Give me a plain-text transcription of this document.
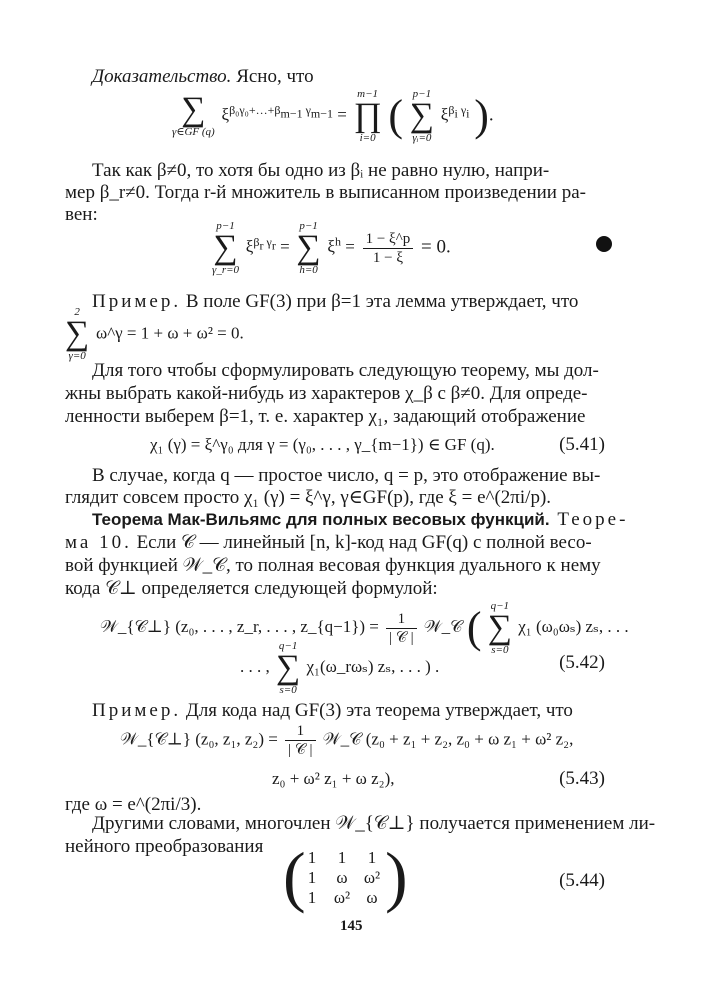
Доказательство. Ясно, что
∑
γ∈GF (q)
$\xi^{\beta_0\gamma_0+\dots+\beta_{m-1} \gamma_{m-1}}$ =
m−1
∏
i=0 ( p−1
∑
γᵢ=0
$\xi^{\beta_i \gamma_i}$ ).
Так как β≠0, то хотя бы одно из βᵢ не равно нулю, напри-
мер β_r≠0. Тогда r-й множитель в выписанном произведении ра-
вен:
p−1
∑
γ_r=0
$\xi^{\beta_r \gamma_r}$ =
p−1
∑
h=0
$\xi^h = \frac{1 - \xi\^{}p}{1 - \xi} = 0$.
Пример. В поле GF(3) при β=1 эта лемма утверждает, что
2
∑
γ=0
ω^γ = 1 + ω + ω² = 0.
Для того чтобы сформулировать следующую теорему, мы дол-
жны выбрать какой-нибудь из характеров χ_β с β≠0. Для опреде-
ленности выберем β=1, т. е. характер χ₁, задающий отображение
χ₁ (γ) = ξ^γ₀ для γ = (γ₀, . . . , γ_{m−1}) ∈ GF (q).	(5.41)
В случае, когда q — простое число, q = p, это отображение вы-
глядит совсем просто χ₁ (γ) = ξ^γ, γ∈GF(p), где ξ = e^(2πi/p).
Теорема Мак-Вильямс для полных весовых функций. Теоре-
ма 10. Если 𝒞 — линейный [n, k]-код над GF(q) с полной весо-
вой функцией 𝒲_𝒞, то полная весовая функция дуального к нему
кода 𝒞⊥ определяется следующей формулой:
𝒲_{𝒞⊥} (z₀, . . . , z_r, . . . , z_{q−1}) = $\frac{1}{\text{| 𝒞 |}}$ 𝒲_𝒞 ( q−1
∑
s=0
χ₁ (ω₀ωₛ) zₛ, . . .
. . . ,
q−1
∑
s=0
χ₁(ω_rωₛ) zₛ, . . . ) .	(5.42)
Пример. Для кода над GF(3) эта теорема утверждает, что
𝒲_{𝒞⊥} (z₀, z₁, $z_2) = \frac{1}{\text{| 𝒞 |}}$ 𝒲_𝒞 (z₀ + z₁ + z₂, z₀ + ω z₁ + ω² z₂,
z₀ + ω² z₁ + ω z₂),	(5.43)
где ω = e^(2πi/3).
Другими словами, многочлен 𝒲_{𝒞⊥} получается применением ли-
нейного преобразования ( 1	1	1
1	ω	ω²
1	ω²	ω )	(5.44)
145
